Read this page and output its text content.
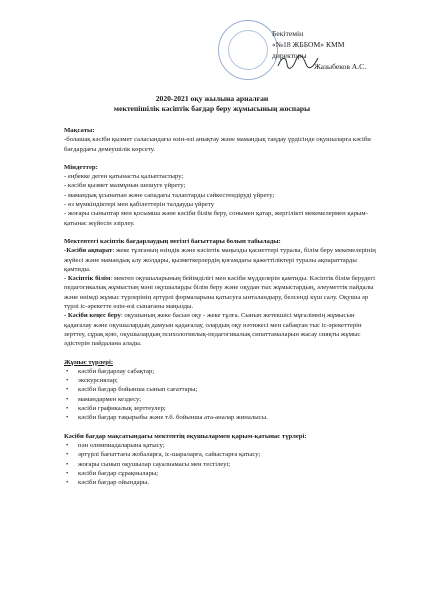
Бекітемін
«№18 ЖББОМ» КММ
директоры
Жазыбеков А.С.
2020-2021 оқу жылына арналған
мектепішілік кәсіптік бағдар беру жұмысының жоспары

Мақсаты:

-болашақ кәсіби қызмет саласындағы өзін-өзі анықтау және мамандық таңдау үрдісінде оқушыларға кәсіби бағдардағы демеушілік көрсету.

Міндеттер:

- еңбекке деген қатынасты қалыптастыру;

- кәсіби қызмет мазмұнын шешуге үйрету;

- мамандық ұсынатын және сападағы талаптарды сәйкестендіруді үйрету;

- өз мүмкіндіктері мен қабілеттерін талдауды үйрету

- жоғары сыныптар мен қосымша және кәсіби білім беру, сонымен қатар, жергілікті мекемелермен қарым-қатынас жүйесін әзірлеу.

Мектептегі кәсіптік бағдарлаудың негізгі бағыттары болып табылады:

-Кәсіби ақпарат: жеке тұлғаның өзіндік және кәсіптік маңызды қасиеттері туралы, білім беру мекемелерінің жүйесі және мамандық алу жолдары, қызметкерлердің қоғамдағы қажеттіліктері туралы ақпараттарды қамтиды.

- Кәсіптік білім: мектеп оқушыларының бейімділігі мен кәсіби мүдделерін қамтиды. Кәсіптік білім берудегі педагогикалық жұмыстың мәні оқушыларды білім беру және оқудан тыс жұмыстардың, әлеуметтік пайдалы және өнімді жұмыс түрлерінің әртүрлі формаларына қатысуға ынталандыру, белсенді күш салу. Оқушы әр түрлі іс-әрекетте өзін-өзі сынағаны маңызды.

- Кәсіби кеңес беру: оқушының жеке басын оқу - жеке тұлға. Сынып жетекшісі мұғалімнің жұмысын қадағалау және оқушылардың дамуын қадағалау, олардың оқу нәтижесі мен сабақтан тыс іс-әрекеттерін зерттеу, сұрақ қою, оқушылардың психологиялық-педагогикалық сипаттамаларын жасау сияқты жұмыс әдістерін пайдалана алады.

Жұмыс түрлері:

• кәсіби бағдарлау сабақтар;
• экскурсиялар;
• кәсіби бағдар бойынша сынып сағаттары;
• мамандармен кездесу;
• кәсіби графикалық зерттеулер;
• кәсіби бағдар тақырыбы және т.б. бойынша ата-аналар жиналысы.

Кәсіби бағдар мақсатындағы мектептің оқушылармен қарым-қатынас түрлері:

• пән олимпиадаларына қатысу;
• әртүрлі бағыттағы жобаларға, іс-шараларға, сайыстарға қатысу;
• жоғары сынып оқушылар сауалнамасы мен тестілеуі;
• кәсіби бағдар сұрақнылары;
• кәсіби бағдар ойындары.
